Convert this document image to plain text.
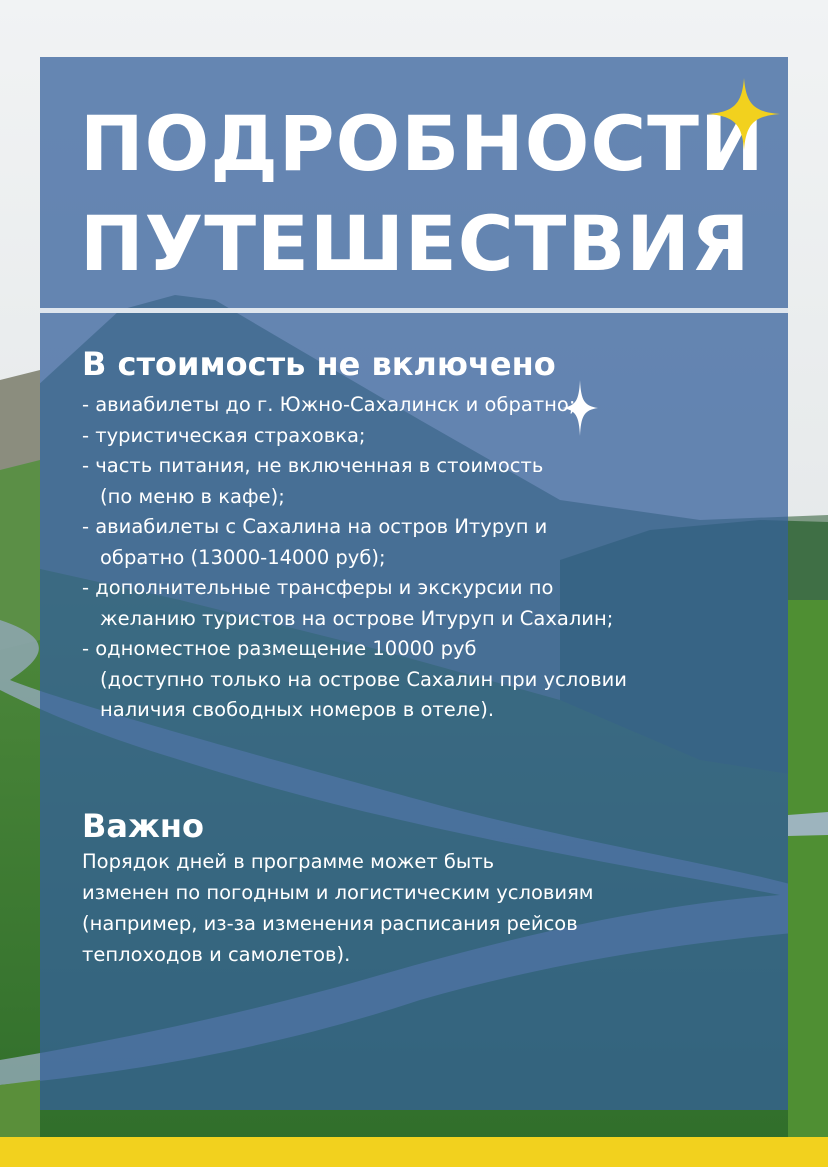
ПОДРОБНОСТИ
ПУТЕШЕСТВИЯ
В стоимость не включено
- авиабилеты до г. Южно-Сахалинск и обратно;
- туристическая страховка;
- часть питания, не включенная в стоимость
(по меню в кафе);
- авиабилеты с Сахалина на остров Итуруп и
обратно (13000-14000 руб);
- дополнительные трансферы и экскурсии по
желанию туристов на острове Итуруп и Сахалин;
- одноместное размещение 10000 руб
(доступно только на острове Сахалин при условии
наличия свободных номеров в отеле).
Важно
Порядок дней в программе может быть
изменен по погодным и логистическим условиям
(например, из-за изменения расписания рейсов
теплоходов и самолетов).
